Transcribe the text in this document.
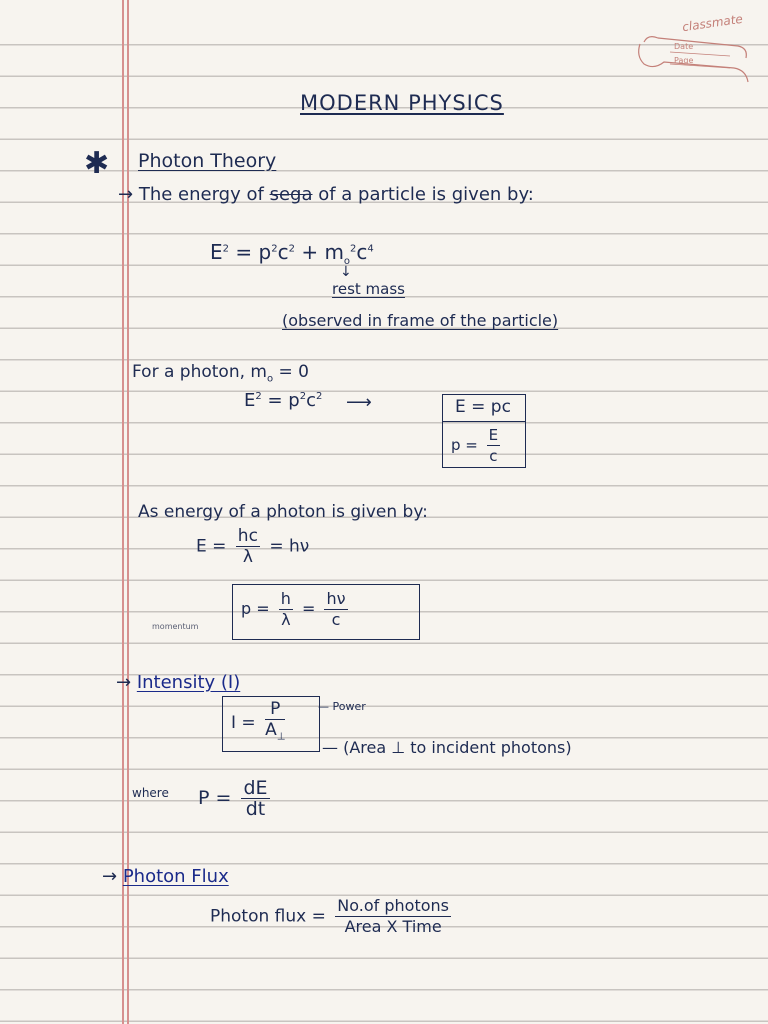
classmate
Date
Page
MODERN PHYSICS
✱ Photon Theory
→ The energy of sega of a particle is given by:
$E^2 = p^2c^2 + m_o^2c^4$
↓
rest mass
(observed in frame of the particle)
For a photon, $m_o = 0$
$E^2 = p^2c^2$ ⟶	E = pc
$p = \frac{E}{c}$
As energy of a photon is given by:
$E = \frac{hc}{\lambda} = h\nu$
momentum
$p = \frac{h}{\lambda} = \frac{h\nu}{c}$
→ Intensity (I)
$I = \frac{P}{A_\perp}$	— Power
— (Area ⊥ to incident photons)
where $P = \frac{dE}{dt}$
→ Photon Flux
Photon flux = $\frac{\text{No.of photons}}{\text{Area X Time}}$
